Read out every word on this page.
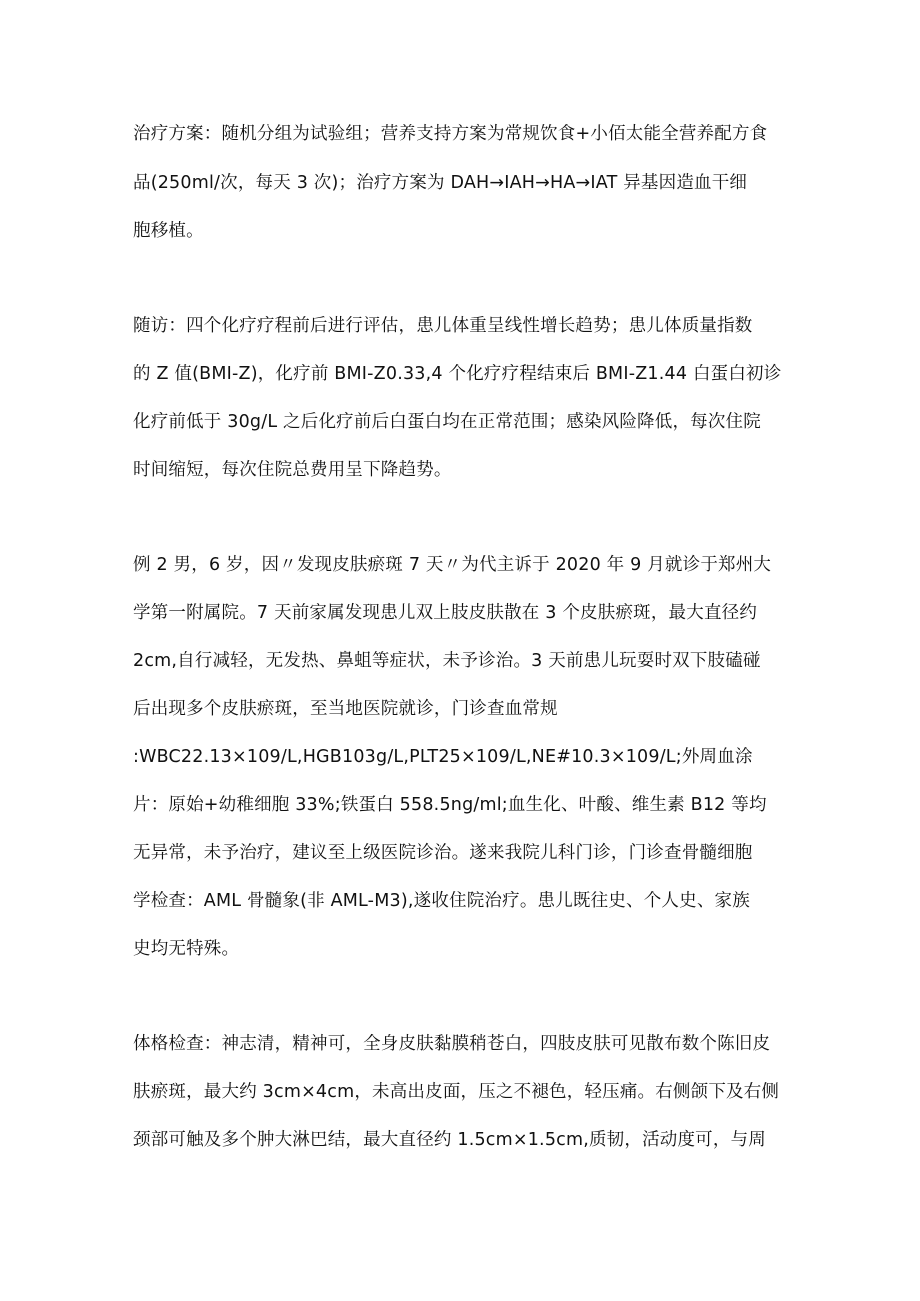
治疗方案：随机分组为试验组；营养支持方案为常规饮食+小佰太能全营养配方食
品(250ml/次，每天 3 次)；治疗方案为 DAH→IAH→HA→IAT 异基因造血干细
胞移植。
随访：四个化疗疗程前后进行评估，患儿体重呈线性增长趋势；患儿体质量指数
的 Z 值(BMI-Z)，化疗前 BMI-Z0.33,4 个化疗疗程结束后 BMI-Z1.44 白蛋白初诊
化疗前低于 30g/L 之后化疗前后白蛋白均在正常范围；感染风险降低，每次住院
时间缩短，每次住院总费用呈下降趋势。
例 2 男，6 岁，因〃发现皮肤瘀斑 7 天〃为代主诉于 2020 年 9 月就诊于郑州大
学第一附属院。7 天前家属发现患儿双上肢皮肤散在 3 个皮肤瘀斑，最大直径约
2cm,自行减轻，无发热、鼻蛆等症状，未予诊治。3 天前患儿玩耍时双下肢磕碰
后出现多个皮肤瘀斑，至当地医院就诊，门诊查血常规
:WBC22.13×109/L,HGB103g/L,PLT25×109/L,NE#10.3×109/L;外周血涂
片：原始+幼稚细胞 33%;铁蛋白 558.5ng/ml;血生化、叶酸、维生素 B12 等均
无异常，未予治疗，建议至上级医院诊治。遂来我院儿科门诊，门诊查骨髓细胞
学检查：AML 骨髓象(非 AML-M3),遂收住院治疗。患儿既往史、个人史、家族
史均无特殊。
体格检查：神志清，精神可，全身皮肤黏膜稍苍白，四肢皮肤可见散布数个陈旧皮
肤瘀斑，最大约 3cm×4cm，未高出皮面，压之不褪色，轻压痛。右侧颌下及右侧
颈部可触及多个肿大淋巴结，最大直径约 1.5cm×1.5cm,质韧，活动度可，与周
